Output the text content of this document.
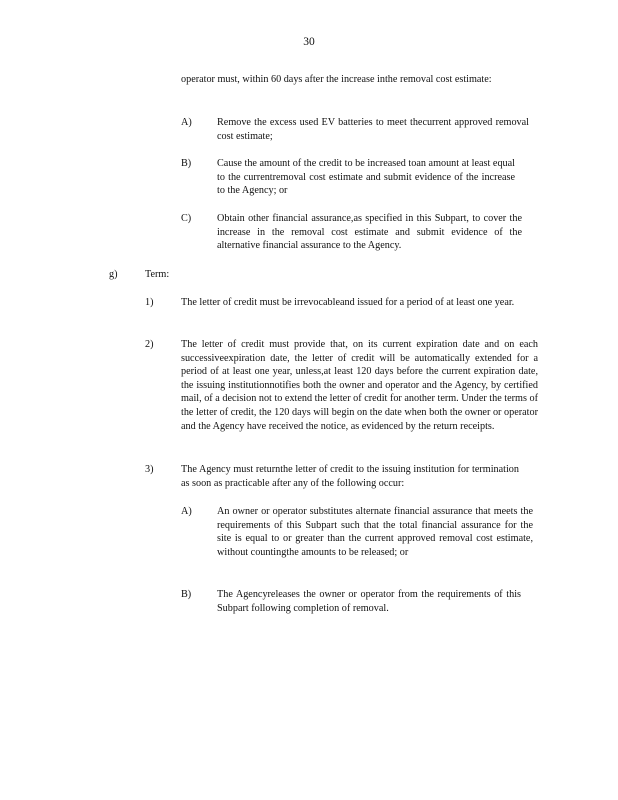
30

operator must, within 60 days after the increase inthe removal cost estimate:

A) Remove the excess used EV batteries to meet thecurrent approved removal cost estimate;

B)	Cause the amount of the credit to be increased toan amount at least equal to the currentremoval cost estimate and submit evidence of the increase to the Agency; or

C)	Obtain other financial assurance,as specified in this Subpart, to cover the increase in the removal cost estimate and submit evidence of the alternative financial assurance to the Agency.

g)	Term:
1)	The letter of credit must be irrevocableand issued for a period of at least one year.

2)	The letter of credit must provide that, on its current expiration date and on each successiveexpiration date, the letter of credit will be automatically extended for a period of at least one year, unless,at least 120 days before the current expiration date, the issuing institutionnotifies both the owner and operator and the Agency, by certified mail, of a decision not to extend the letter of credit for another term. Under the terms of the letter of credit, the 120 days will begin on the date when both the owner or operator and the Agency have received the notice, as evidenced by the return receipts.

3)	The Agency must returnthe letter of credit to the issuing institution for termination as soon as practicable after any of the following occur:

A) An owner or operator substitutes alternate financial assurance that meets the requirements of this Subpart such that the total financial assurance for the site is equal to or greater than the current approved removal cost estimate, without countingthe amounts to be released; or

B)	The Agencyreleases the owner or operator from the requirements of this Subpart following completion of removal.
